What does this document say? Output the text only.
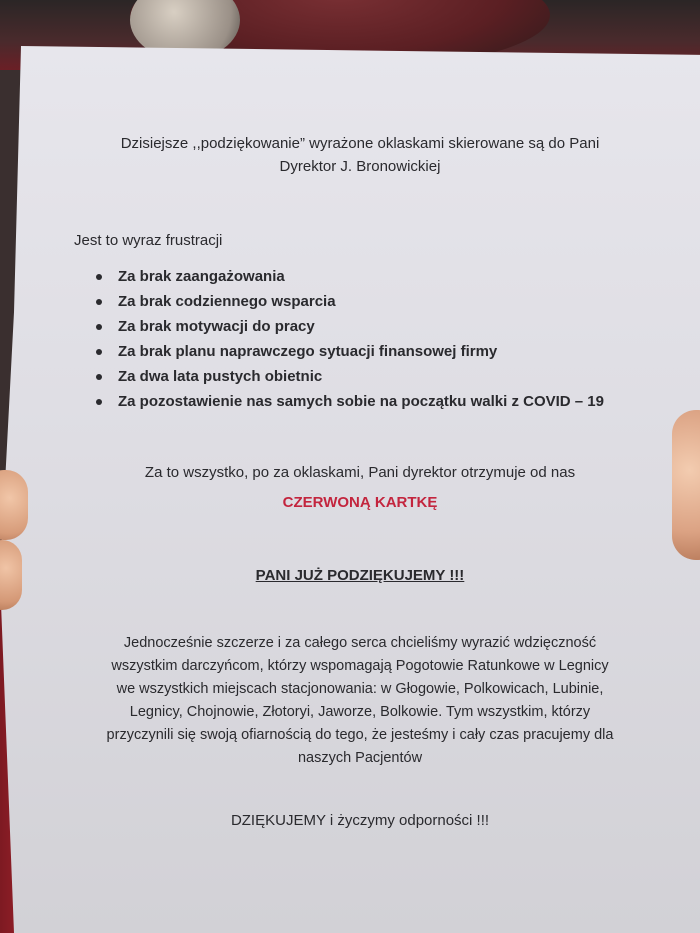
Dzisiejsze ,,podziękowanie” wyrażone oklaskami skierowane są do Pani
Dyrektor J. Bronowickiej
Jest to wyraz frustracji
Za brak zaangażowania
Za brak codziennego wsparcia
Za brak motywacji do pracy
Za brak planu naprawczego sytuacji finansowej firmy
Za dwa lata pustych obietnic
Za pozostawienie nas samych sobie na początku walki z COVID – 19
Za to wszystko, po za oklaskami, Pani dyrektor otrzymuje od nas
CZERWONĄ KARTKĘ
PANI JUŻ PODZIĘKUJEMY !!!
Jednocześnie szczerze i za całego serca chcieliśmy wyrazić wdzięczność
wszystkim darczyńcom, którzy wspomagają Pogotowie Ratunkowe w Legnicy
we wszystkich miejscach stacjonowania: w Głogowie, Polkowicach, Lubinie,
Legnicy, Chojnowie, Złotoryi, Jaworze, Bolkowie. Tym wszystkim, którzy
przyczynili się swoją ofiarnością do tego, że jesteśmy i cały czas pracujemy dla
naszych Pacjentów
DZIĘKUJEMY i życzymy odporności !!!
